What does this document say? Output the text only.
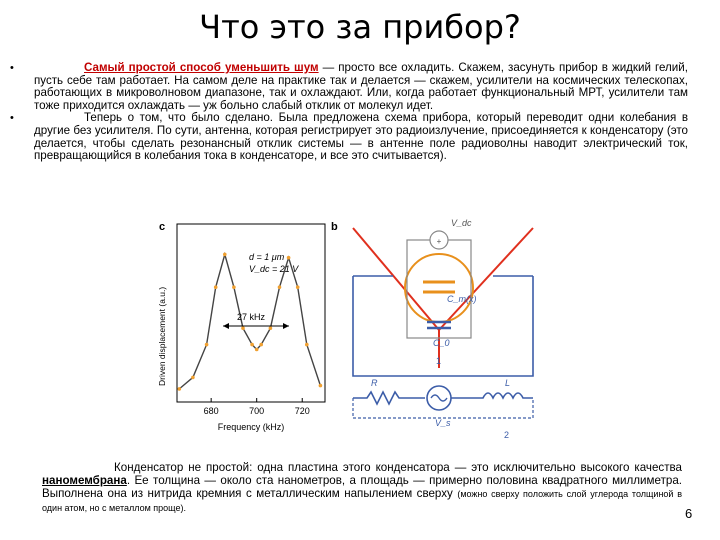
Что это за прибор?
•	Самый простой способ уменьшить шум — просто все охладить. Скажем, засунуть прибор в жидкий гелий, пусть себе там работает. На самом деле на практике так и делается — скажем, усилители на космических телескопах, работающих в микроволновом диапазоне, так и охлаждают. Или, когда работает функциональный МРТ, усилители там тоже приходится охлаждать — уж больно слабый отклик от молекул идет.
•	Теперь о том, что было сделано. Была предложена схема прибора, который переводит одни колебания в другие без усилителя. По сути, антенна, которая регистрирует это радиоизлучение, присоединяется к конденсатору (это делается, чтобы сделать резонансный отклик системы — в антенне поле радиоволны наводит электрический ток, превращающийся в колебания тока в конденсаторе, и все это считывается).
c	b
Driven displacement (a.u.)
680	700	720
Frequency (kHz)
d = 1 μm
V_dc = 21 V
27 kHz
+
V_dc
C_m(x)
C_0
1
R
V_s
L
2
Конденсатор не простой: одна пластина этого конденсатора — это исключительно высокого качества наномембрана. Ее толщина — около ста нанометров, а площадь — примерно половина квадратного миллиметра. Выполнена она из нитрида кремния с металлическим напылением сверху (можно сверху положить слой углерода толщиной в один атом, но с металлом проще).	6
